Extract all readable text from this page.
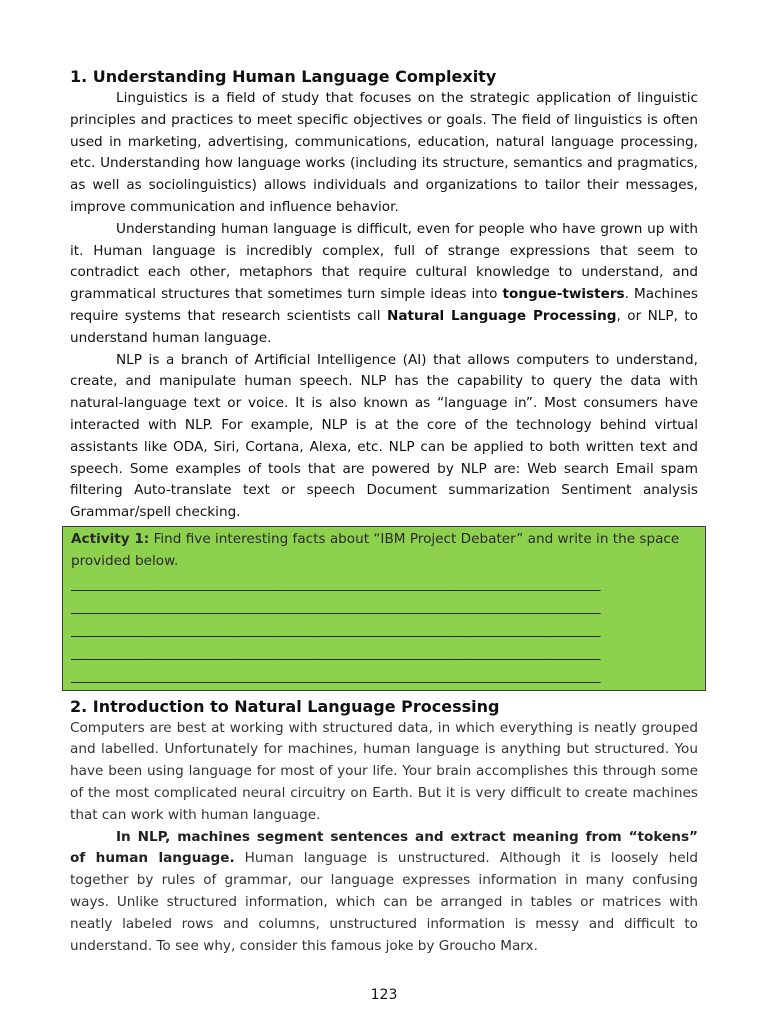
1. Understanding Human Language Complexity

Linguistics is a field of study that focuses on the strategic application of linguistic principles and practices to meet specific objectives or goals. The field of linguistics is often used in marketing, advertising, communications, education, natural language processing, etc. Understanding how language works (including its structure, semantics and pragmatics, as well as sociolinguistics) allows individuals and organizations to tailor their messages, improve communication and influence behavior.

Understanding human language is difficult, even for people who have grown up with it. Human language is incredibly complex, full of strange expressions that seem to contradict each other, metaphors that require cultural knowledge to understand, and grammatical structures that sometimes turn simple ideas into tongue-twisters. Machines require systems that research scientists call Natural Language Processing, or NLP, to understand human language.

NLP is a branch of Artificial Intelligence (AI) that allows computers to understand, create, and manipulate human speech. NLP has the capability to query the data with natural-language text or voice. It is also known as “language in”. Most consumers have interacted with NLP. For example, NLP is at the core of the technology behind virtual assistants like ODA, Siri, Cortana, Alexa, etc. NLP can be applied to both written text and speech. Some examples of tools that are powered by NLP are: Web search Email spam filtering Auto-translate text or speech Document summarization Sentiment analysis Grammar/spell checking.

Activity 1: Find five interesting facts about “IBM Project Debater” and write in the space provided below.

____________________________________________________________________________________
____________________________________________________________________________________
____________________________________________________________________________________
____________________________________________________________________________________
____________________________________________________________________________________
2. Introduction to Natural Language Processing

Computers are best at working with structured data, in which everything is neatly grouped and labelled. Unfortunately for machines, human language is anything but structured. You have been using language for most of your life. Your brain accomplishes this through some of the most complicated neural circuitry on Earth. But it is very difficult to create machines that can work with human language.

In NLP, machines segment sentences and extract meaning from “tokens” of human language. Human language is unstructured. Although it is loosely held together by rules of grammar, our language expresses information in many confusing ways. Unlike structured information, which can be arranged in tables or matrices with neatly labeled rows and columns, unstructured information is messy and difficult to understand. To see why, consider this famous joke by Groucho Marx.

123
